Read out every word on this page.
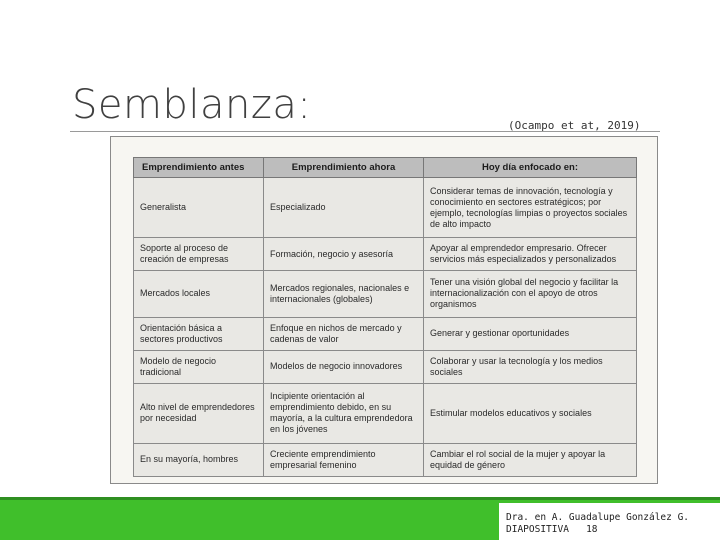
Semblanza:	(Ocampo et at, 2019)
Emprendimiento antes	Emprendimiento ahora	Hoy día enfocado en:
Generalista	Especializado	Considerar temas de innovación, tecnología y conocimiento en sectores estratégicos; por ejemplo, tecnologías limpias o proyectos sociales de alto impacto
Soporte al proceso de creación de empresas	Formación, negocio y asesoría	Apoyar al emprendedor empresario. Ofrecer servicios más especializados y personalizados
Mercados locales	Mercados regionales, nacionales e internacionales (globales)	Tener una visión global del negocio y facilitar la internacionalización con el apoyo de otros organismos
Orientación básica a sectores productivos	Enfoque en nichos de mercado y cadenas de valor	Generar y gestionar oportunidades
Modelo de negocio tradicional	Modelos de negocio innovadores	Colaborar y usar la tecnología y los medios sociales
Alto nivel de emprendedores por necesidad	Incipiente orientación al emprendimiento debido, en su mayoría, a la cultura emprendedora en los jóvenes	Estimular modelos educativos y sociales
En su mayoría, hombres	Creciente emprendimiento empresarial femenino	Cambiar el rol social de la mujer y apoyar la equidad de género
Dra. en A. Guadalupe González G.
DIAPOSITIVA   18
